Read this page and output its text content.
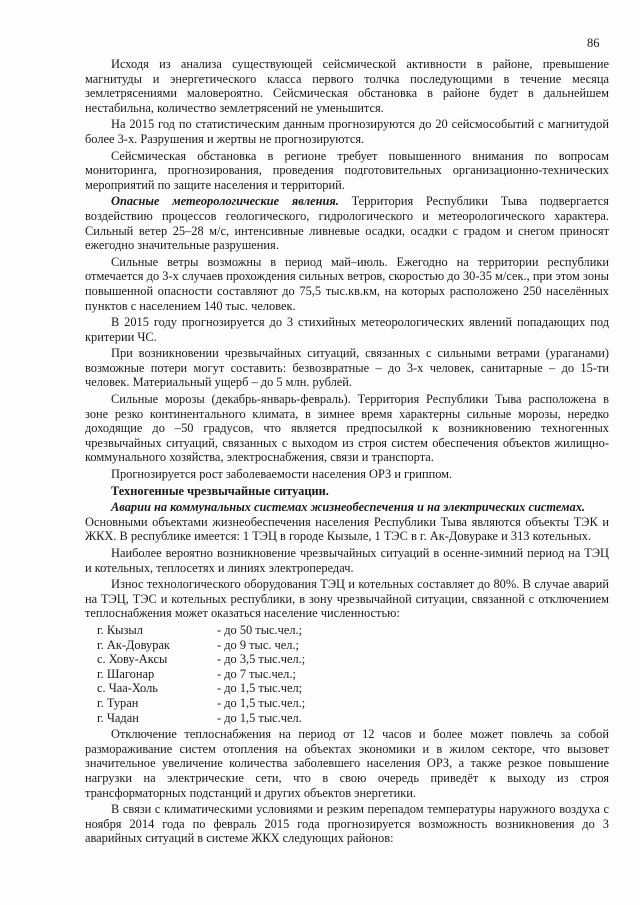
86

Исходя из анализа существующей сейсмической активности в районе, превышение магнитуды и энергетического класса первого толчка последующими в течение месяца землетрясениями маловероятно. Сейсмическая обстановка в районе будет в дальнейшем нестабильна, количество землетрясений не уменьшится.

На 2015 год по статистическим данным прогнозируются до 20 сейсмособытий с магнитудой более 3-х. Разрушения и жертвы не прогнозируются.

Сейсмическая обстановка в регионе требует повышенного внимания по вопросам мониторинга, прогнозирования, проведения подготовительных организационно-технических мероприятий по защите населения и территорий.

Опасные метеорологические явления. Территория Республики Тыва подвергается воздействию процессов геологического, гидрологического и метеорологического характера. Сильный ветер 25–28 м/с, интенсивные ливневые осадки, осадки с градом и снегом приносят ежегодно значительные разрушения.

Сильные ветры возможны в период май–июль. Ежегодно на территории республики отмечается до 3-х случаев прохождения сильных ветров, скоростью до 30-35 м/сек., при этом зоны повышенной опасности составляют до 75,5 тыс.кв.км, на которых расположено 250 населённых пунктов с населением 140 тыс. человек.

В 2015 году прогнозируется до 3 стихийных метеорологических явлений попадающих под критерии ЧС.

При возникновении чрезвычайных ситуаций, связанных с сильными ветрами (ураганами) возможные потери могут составить: безвозвратные – до 3-х человек, санитарные – до 15-ти человек. Материальный ущерб – до 5 млн. рублей.

Сильные морозы (декабрь-январь-февраль). Территория Республики Тыва расположена в зоне резко континентального климата, в зимнее время характерны сильные морозы, нередко доходящие до –50 градусов, что является предпосылкой к возникновению техногенных чрезвычайных ситуаций, связанных с выходом из строя систем обеспечения объектов жилищно-коммунального хозяйства, электроснабжения, связи и транспорта.

Прогнозируется рост заболеваемости населения ОРЗ и гриппом.

Техногенные чрезвычайные ситуации.

Аварии на коммунальных системах жизнеобеспечения и на электрических системах.

Основными объектами жизнеобеспечения населения Республики Тыва являются объекты ТЭК и ЖКХ. В республике имеется: 1 ТЭЦ в городе Кызыле, 1 ТЭС в г. Ак-Довураке и 313 котельных.

Наиболее вероятно возникновение чрезвычайных ситуаций в осенне-зимний период на ТЭЦ и котельных, теплосетях и линиях электропередач.

Износ технологического оборудования ТЭЦ и котельных составляет до 80%. В случае аварий на ТЭЦ, ТЭС и котельных республики, в зону чрезвычайной ситуации, связанной с отключением теплоснабжения может оказаться население численностью:

г. Кызыл	- до 50 тыс.чел.;
г. Ак-Довурак	- до 9 тыс. чел.;
с. Хову-Аксы	- до 3,5 тыс.чел.;
г. Шагонар	- до 7 тыс.чел.;
с. Чаа-Холь	- до 1,5 тыс.чел;
г. Туран	- до 1,5 тыс.чел.;
г. Чадан	- до 1,5 тыс.чел.

Отключение теплоснабжения на период от 12 часов и более может повлечь за собой размораживание систем отопления на объектах экономики и в жилом секторе, что вызовет значительное увеличение количества заболевшего населения ОРЗ, а также резкое повышение нагрузки на электрические сети, что в свою очередь приведёт к выходу из строя трансформаторных подстанций и других объектов энергетики.

В связи с климатическими условиями и резким перепадом температуры наружного воздуха с ноября 2014 года по февраль 2015 года прогнозируется возможность возникновения до 3 аварийных ситуаций в системе ЖКХ следующих районов:
